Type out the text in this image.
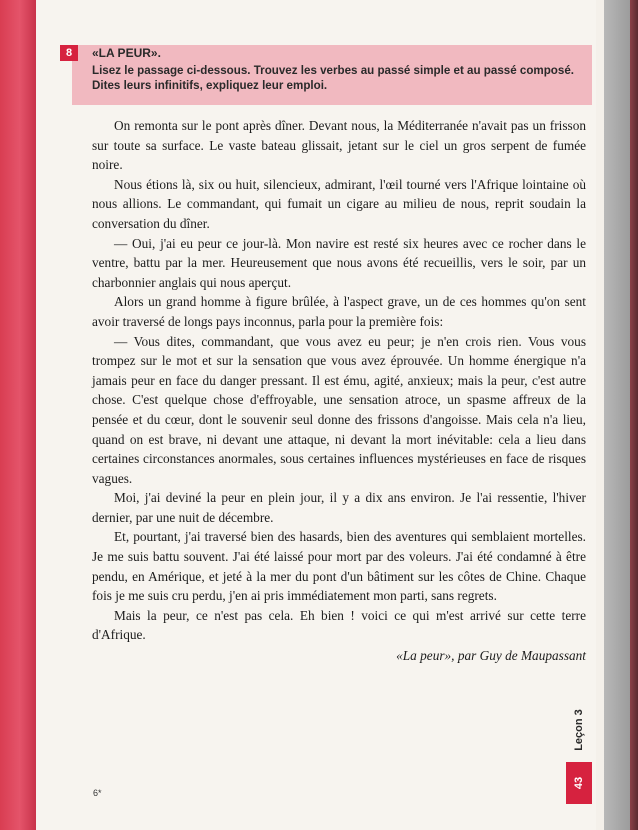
8	«LA PEUR».
Lisez le passage ci-dessous. Trouvez les verbes au passé simple et au passé composé. Dites leurs infinitifs, expliquez leur emploi.

On remonta sur le pont après dîner. Devant nous, la Méditerranée n'avait pas un frisson sur toute sa surface. Le vaste bateau glissait, jetant sur le ciel un gros serpent de fumée noire.

Nous étions là, six ou huit, silencieux, admirant, l'œil tourné vers l'Afrique lointaine où nous allions. Le commandant, qui fumait un cigare au milieu de nous, reprit soudain la conversation du dîner.

— Oui, j'ai eu peur ce jour-là. Mon navire est resté six heures avec ce rocher dans le ventre, battu par la mer. Heureusement que nous avons été recueillis, vers le soir, par un charbonnier anglais qui nous aperçut.

Alors un grand homme à figure brûlée, à l'aspect grave, un de ces hommes qu'on sent avoir traversé de longs pays inconnus, parla pour la première fois:

— Vous dites, commandant, que vous avez eu peur; je n'en crois rien. Vous vous trompez sur le mot et sur la sensation que vous avez éprouvée. Un homme énergique n'a jamais peur en face du danger pressant. Il est ému, agité, anxieux; mais la peur, c'est autre chose. C'est quelque chose d'effroyable, une sensation atroce, un spasme affreux de la pensée et du cœur, dont le souvenir seul donne des frissons d'angoisse. Mais cela n'a lieu, quand on est brave, ni devant une attaque, ni devant la mort inévitable: cela a lieu dans certaines circonstances anormales, sous certaines influences mystérieuses en face de risques vagues.

Moi, j'ai deviné la peur en plein jour, il y a dix ans environ. Je l'ai ressentie, l'hiver dernier, par une nuit de décembre.

Et, pourtant, j'ai traversé bien des hasards, bien des aventures qui semblaient mortelles. Je me suis battu souvent. J'ai été laissé pour mort par des voleurs. J'ai été condamné à être pendu, en Amérique, et jeté à la mer du pont d'un bâtiment sur les côtes de Chine. Chaque fois je me suis cru perdu, j'en ai pris immédiatement mon parti, sans regrets.

Mais la peur, ce n'est pas cela. Eh bien ! voici ce qui m'est arrivé sur cette terre d'Afrique.

«La peur», par Guy de Maupassant
Leçon 3
43
6*
